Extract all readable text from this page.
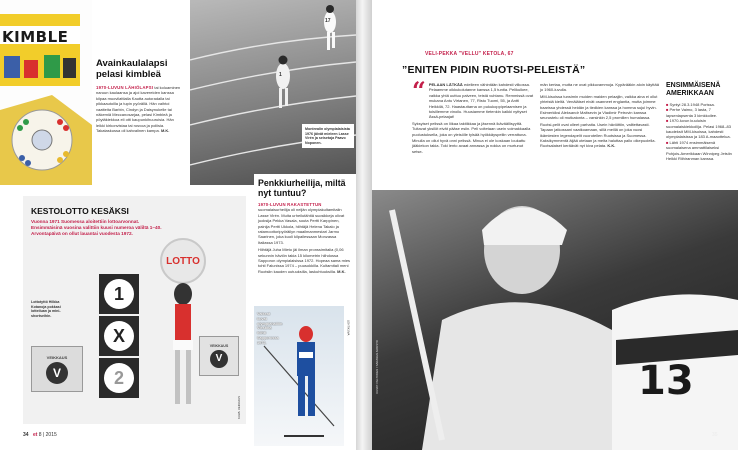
KIMBLE
Avainkaulalapsi pelasi kimbleä
1970-LUVUN LÄHIÖLAPSI tai koluaminen naruun kaulaansa ja ajoi kavereiden kanssa kilpaa muovilattialla Kautta autoradalla tai pikkaautoilla ja tupin pyörällä. Hän vaihtoi vaatteita Barbin, Cindyn ja Daisynukelle tai näkemiä Meccanosarjaa, pelasi Kimbleä ja pöytäkiekkoa eli otti kaupunkihuuruisia. Hän leikki kirkonvistaa tai rosvoa ja poliisia. Takataskussa oli kahvalinen kampa. M.K.
1
17
Montrealin olympialaisista 1976 jäivät mieleen Lasse Virén ja seisetaja Paavo Noponen.
KESTOLOTTO KESÄKSI
Vuonna 1971 Suomessa aloitettiin lottoarvonnat. Ensimmäisinä vuosina valittiin kuusi numeroa väliltä 1–40. Arvontapäivä on ollut lauantai vuodesta 1972.
LOTTO
1
X
2
VEIKKAUS
V
VEIKKAUS
V
Lottotyttö Hilkka Kotanoja pokkasi lotteiluan ja mini-shortseihin.
KUVA: VEIKKAUS
Penkkiurheilija, miltä nyt tuntuu?
1970-LUVUN RAKASTETTUN suomalaisurheilija oli neljän olympiakultamitalin Lasse Virén. Muita urheilutähtiä suosikkeja olivat juoksija Pekka Vasala, souta Pertti Karppinen, painija Pertti Ukkola, hiihtäjä Helena Takalo ja ratamoottoripyöräilyn maailmanmestari Jarmo Saarinen, joka kuoli kilpailessaan Monzassa Italiassa 1973.
Hiihtäjä Juha Mieto jäi ilman pronssimitalia (0,06 sekunnin häviön takia 15 kilometrin hiihdossa Sapporon olympialaisissa 1972. Hopeaa sama mies tohti Falunissa 1974 – puusokkilla. Kultamitali meni Ruotsiin kauden uutuuksilla, laskuhtuuksilla. M.K.
Vaikeat kuvat olympiahalliin Viestinä hiihti Sapporossa 1972.
LEHTIKUVA
34 et 8 | 2015
13
KUVAT: PELTONEN / SARANEN ARKISTO
VELI-PEKKA "VELLU" KETOLA, 67
”ENITEN PIDIN RUOTSI-PELEISTÄ”
“ PELAAN LÄTKÄÄ edelleen vähintään kahdesti viikossa. Pelaamme oikkukolutanne kanssa 1,5 tuntia. Pelikulkee, vaikka yhtä uuttuu palveen, teistä vuhtanu. Remmissä ovat mukana Antu Virtanen, 77, Risto Tuomi, 55, ja Antti Heikkilä, 72. Haastauttarna on pukukoppipelaamisen ja toisillemme vinoilu. Huusiamme tietenkin kaikki nyttyset Ässä-pelaajat!
Syksyiset pelissä on liikaa taktiikkaa ja jäsennä ikäväällisyyttä. Tuitavat yksilöt eivät pääse esiin. Peli voitetaan usein voimakkaalla puolustuksella, joka on yleisölle tylsää hyökkäyspeliin verrattuna.
Minulla on ollut hyvä onni pelissä. Minua ei ole koskaan loukattu jääkiekon takia. Toki lento avaat annassa ja nokka on murtunut setse-
män kertaa, mutta ne ovat pikkuvammoja. Kypärääkin aloin käyttää jo 1960-luvulla.
MM-kisoissa tunsimin muiden maiden pelaajiin, vaikka aina ei ollut yhteistä kieltä. Venäläiset eivät osanneet englantia, mutta joimme baarissa yhdessä heidän ja tiedkien kanssa ja homma sujui hyvin. Esimerkiksi Aleksandr Maltsevin ja Vladimir Petrovin kanssa seurustelu oli mutkatonta – varsinkin 2,5 promillen humalassa.
Ruotsi-pelit ovat olleet parhaita. Usein häviöttiin, valitettavasti. Tapaan jatkossani vaatkoamaan, sillä meillä on joka vuosi ikämiesten legendapelit vuorotellen Ruotsissa ja Suomessa. Kaksikymmentä äijää otetaan ja meita haluttaa pallo olkepuolella. Ruotsalaiset keräävät nyt kiva pelata. K.K.
ENSIMMÄISENÄ AMERIKKAAN
■ Syntyi 28.3.1948 Porissa.
■ Perhe Vaimo, 3 lasta, 7 lapsenlapsenta 3 kimkkoilee.
■ 1970-luvun kuuluisin suomalaiskiekkoilija. Pelasi 1968–83 kaudeksit MM-kisoissa, kahdesti olympialaisissa ja 183 A-maaottelua.
■ Lähti 1974 ensimmäisenä suomalaisena ammattilaiseksi Pohjois-Amerikkaan Winnipeg Jetsiin Heikki Riihiranman kanssa.
35
